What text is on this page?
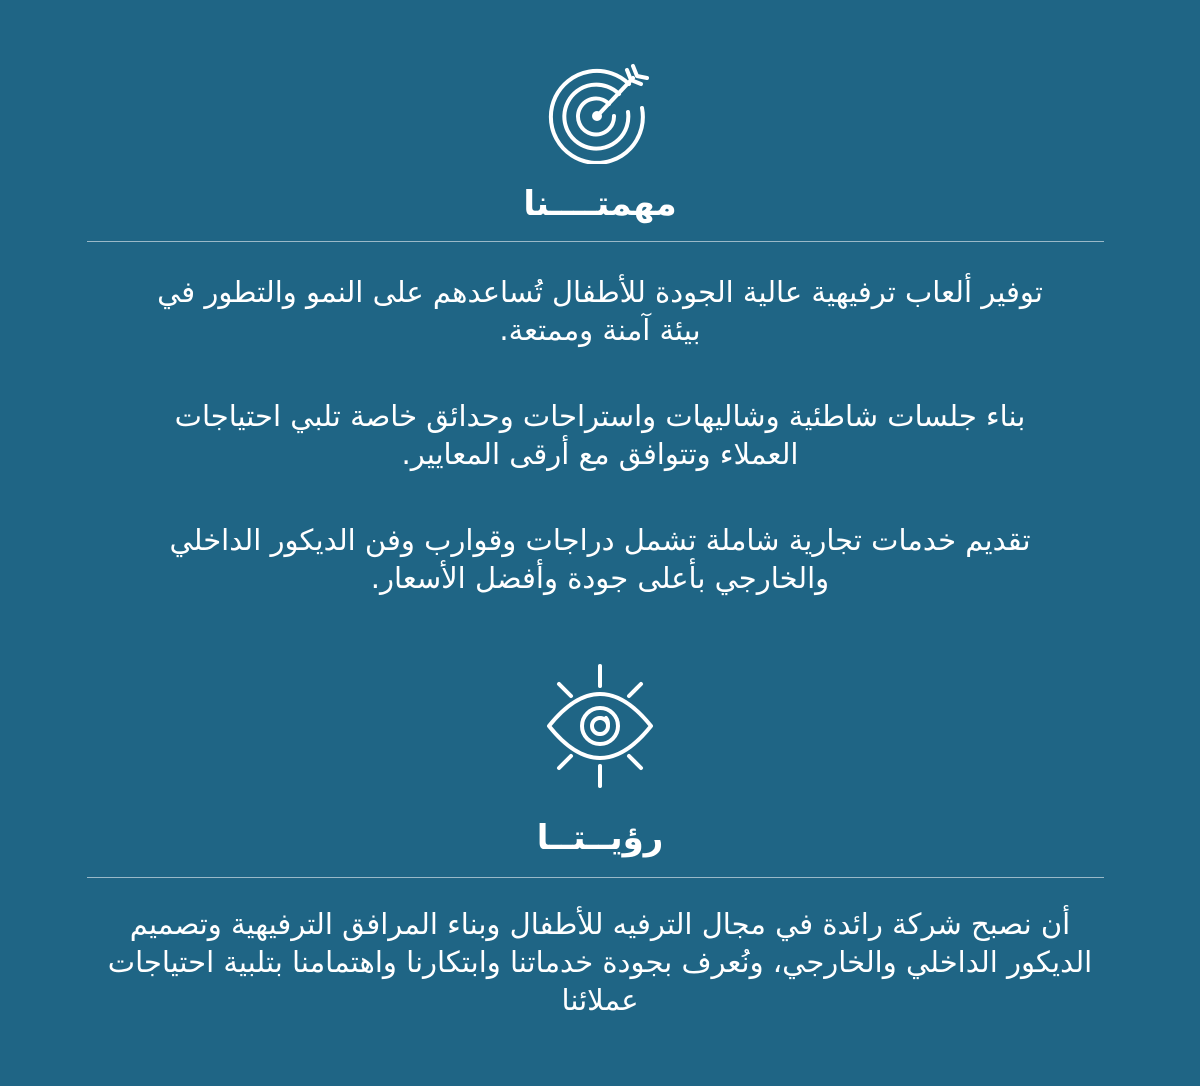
مهمتــــنا
توفير ألعاب ترفيهية عالية الجودة للأطفال تُساعدهم على النمو والتطور في بيئة آمنة وممتعة.
بناء جلسات شاطئية وشاليهات واستراحات وحدائق خاصة تلبي احتياجات العملاء وتتوافق مع أرقى المعايير.
تقديم خدمات تجارية شاملة تشمل دراجات وقوارب وفن الديكور الداخلي والخارجي بأعلى جودة وأفضل الأسعار.
رؤيــتــا
أن نصبح شركة رائدة في مجال الترفيه للأطفال وبناء المرافق الترفيهية وتصميم الديكور الداخلي والخارجي، ونُعرف بجودة خدماتنا وابتكارنا واهتمامنا بتلبية احتياجات عملائنا
